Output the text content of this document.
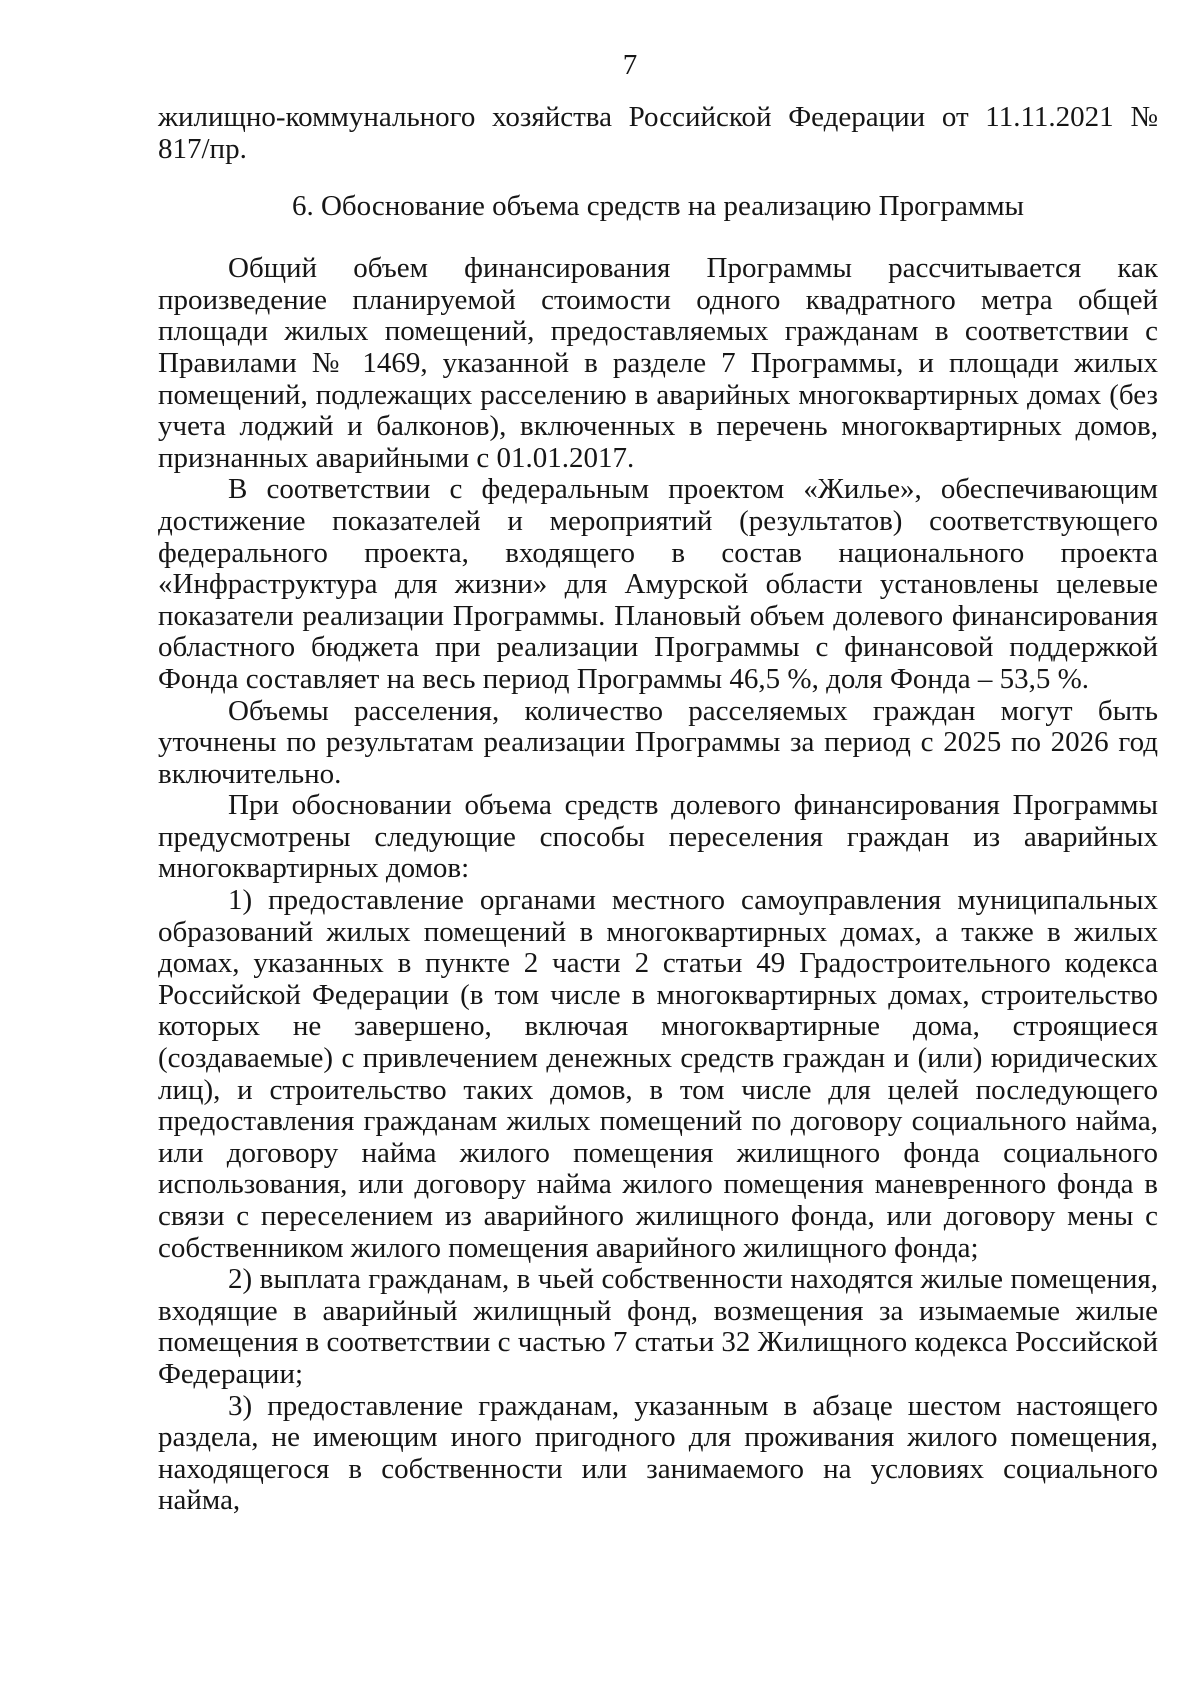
7

жилищно-коммунального хозяйства Российской Федерации от 11.11.2021 № 817/пр.

6. Обоснование объема средств на реализацию Программы

Общий объем финансирования Программы рассчитывается как произведение планируемой стоимости одного квадратного метра общей площади жилых помещений, предоставляемых гражданам в соответствии с Правилами № 1469, указанной в разделе 7 Программы, и площади жилых помещений, подлежащих расселению в аварийных многоквартирных домах (без учета лоджий и балконов), включенных в перечень многоквартирных домов, признанных аварийными с 01.01.2017.

В соответствии с федеральным проектом «Жилье», обеспечивающим достижение показателей и мероприятий (результатов) соответствующего федерального проекта, входящего в состав национального проекта «Инфраструктура для жизни» для Амурской области установлены целевые показатели реализации Программы. Плановый объем долевого финансирования областного бюджета при реализации Программы с финансовой поддержкой Фонда составляет на весь период Программы 46,5 %, доля Фонда – 53,5 %.

Объемы расселения, количество расселяемых граждан могут быть уточнены по результатам реализации Программы за период с 2025 по 2026 год включительно.

При обосновании объема средств долевого финансирования Программы предусмотрены следующие способы переселения граждан из аварийных многоквартирных домов:

1) предоставление органами местного самоуправления муниципальных образований жилых помещений в многоквартирных домах, а также в жилых домах, указанных в пункте 2 части 2 статьи 49 Градостроительного кодекса Российской Федерации (в том числе в многоквартирных домах, строительство которых не завершено, включая многоквартирные дома, строящиеся (создаваемые) с привлечением денежных средств граждан и (или) юридических лиц), и строительство таких домов, в том числе для целей последующего предоставления гражданам жилых помещений по договору социального найма, или договору найма жилого помещения жилищного фонда социального использования, или договору найма жилого помещения маневренного фонда в связи с переселением из аварийного жилищного фонда, или договору мены с собственником жилого помещения аварийного жилищного фонда;

2) выплата гражданам, в чьей собственности находятся жилые помещения, входящие в аварийный жилищный фонд, возмещения за изымаемые жилые помещения в соответствии с частью 7 статьи 32 Жилищного кодекса Российской Федерации;

3) предоставление гражданам, указанным в абзаце шестом настоящего раздела, не имеющим иного пригодного для проживания жилого помещения, находящегося в собственности или занимаемого на условиях социального найма,
